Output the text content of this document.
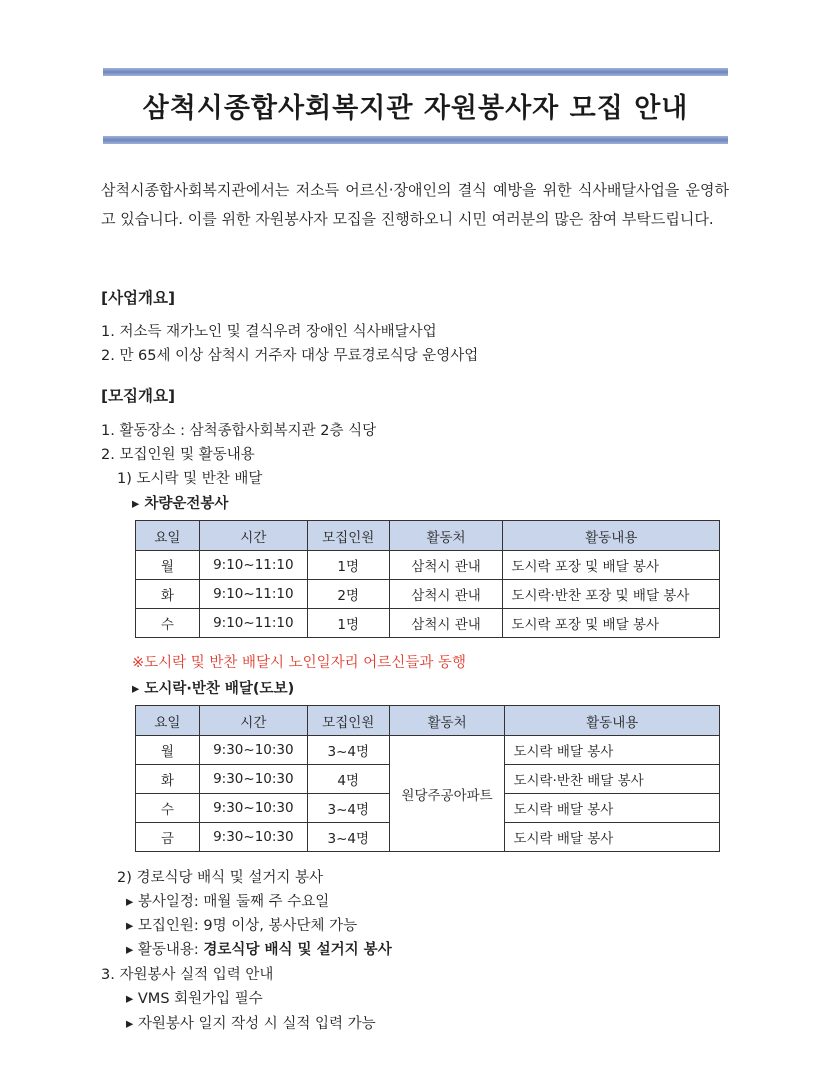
삼척시종합사회복지관 자원봉사자 모집 안내
삼척시종합사회복지관에서는 저소득 어르신·장애인의 결식 예방을 위한 식사배달사업을 운영하고 있습니다. 이를 위한 자원봉사자 모집을 진행하오니 시민 여러분의 많은 참여 부탁드립니다.
[사업개요]
1. 저소득 재가노인 및 결식우려 장애인 식사배달사업
2. 만 65세 이상 삼척시 거주자 대상 무료경로식당 운영사업
[모집개요]
1. 활동장소 : 삼척종합사회복지관 2층 식당
2. 모집인원 및 활동내용
1) 도시락 및 반찬 배달
▸ 차량운전봉사
요일	시간	모집인원	활동처	활동내용
월	9:10~11:10	1명	삼척시 관내	도시락 포장 및 배달 봉사
화	9:10~11:10	2명	삼척시 관내	도시락·반찬 포장 및 배달 봉사
수	9:10~11:10	1명	삼척시 관내	도시락 포장 및 배달 봉사
※도시락 및 반찬 배달시 노인일자리 어르신들과 동행
▸ 도시락·반찬 배달(도보)
요일	시간	모집인원	활동처	활동내용
월	9:30~10:30	3~4명	원당주공아파트	도시락 배달 봉사
화	9:30~10:30	4명		도시락·반찬 배달 봉사
수	9:30~10:30	3~4명		도시락 배달 봉사
금	9:30~10:30	3~4명		도시락 배달 봉사
2) 경로식당 배식 및 설거지 봉사
▸ 봉사일정: 매월 둘째 주 수요일
▸ 모집인원: 9명 이상, 봉사단체 가능
▸ 활동내용: 경로식당 배식 및 설거지 봉사
3. 자원봉사 실적 입력 안내
▸ VMS 회원가입 필수
▸ 자원봉사 일지 작성 시 실적 입력 가능
